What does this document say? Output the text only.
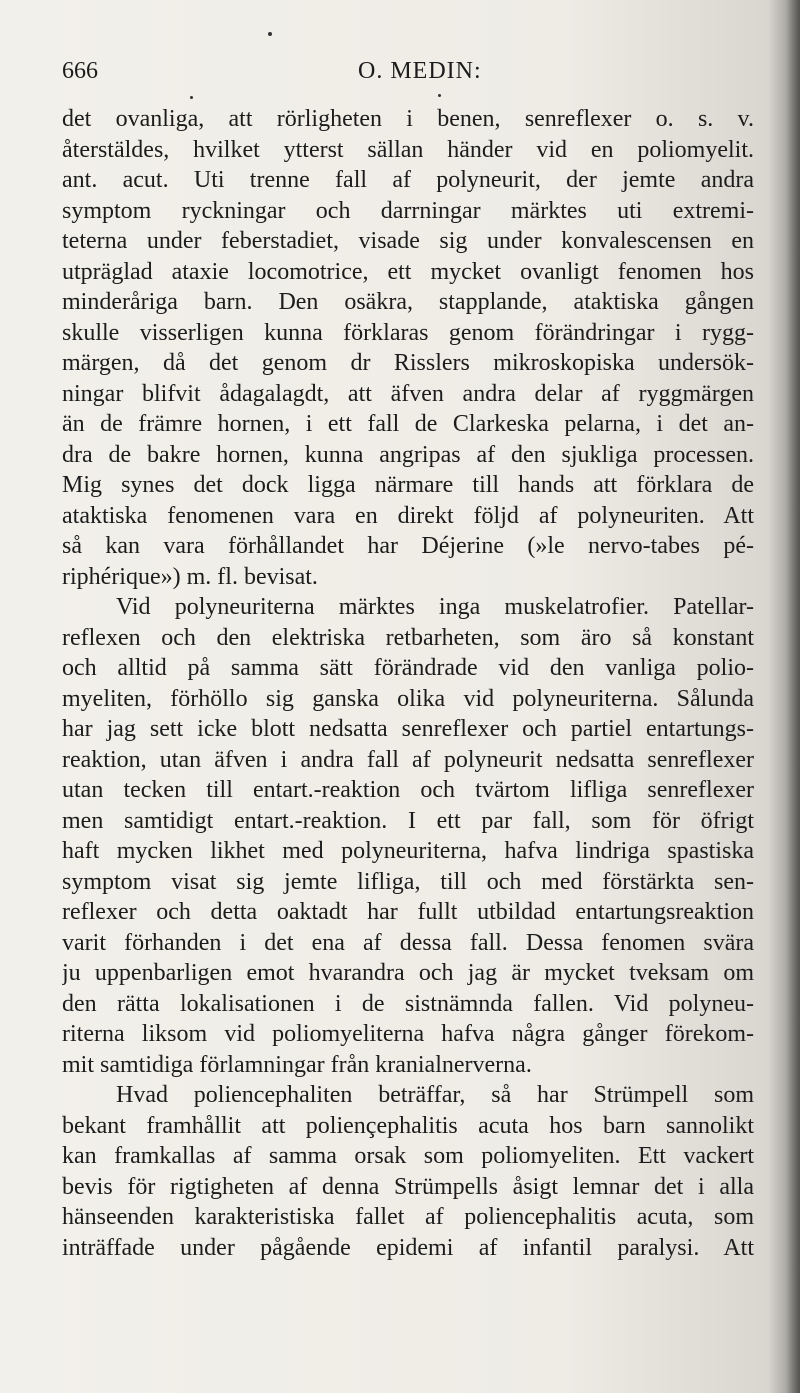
666	O. MEDIN:
det ovanliga, att rörligheten i benen, senreflexer o. s. v.
återstäldes, hvilket ytterst sällan händer vid en poliomyelit.
ant. acut. Uti trenne fall af polyneurit, der jemte andra
symptom ryckningar och darrningar märktes uti extremi-
teterna under feberstadiet, visade sig under konvalescensen en
utpräglad ataxie locomotrice, ett mycket ovanligt fenomen hos
minderåriga barn. Den osäkra, stapplande, ataktiska gången
skulle visserligen kunna förklaras genom förändringar i rygg-
märgen, då det genom dr Risslers mikroskopiska undersök-
ningar blifvit ådagalagdt, att äfven andra delar af ryggmärgen
än de främre hornen, i ett fall de Clarkeska pelarna, i det an-
dra de bakre hornen, kunna angripas af den sjukliga processen.
Mig synes det dock ligga närmare till hands att förklara de
ataktiska fenomenen vara en direkt följd af polyneuriten. Att
så kan vara förhållandet har Déjerine (»le nervo-tabes pé-
riphérique») m. fl. bevisat.
Vid polyneuriterna märktes inga muskelatrofier. Patellar-
reflexen och den elektriska retbarheten, som äro så konstant
och alltid på samma sätt förändrade vid den vanliga polio-
myeliten, förhöllo sig ganska olika vid polyneuriterna. Sålunda
har jag sett icke blott nedsatta senreflexer och partiel entartungs-
reaktion, utan äfven i andra fall af polyneurit nedsatta senreflexer
utan tecken till entart.-reaktion och tvärtom lifliga senreflexer
men samtidigt entart.-reaktion. I ett par fall, som för öfrigt
haft mycken likhet med polyneuriterna, hafva lindriga spastiska
symptom visat sig jemte lifliga, till och med förstärkta sen-
reflexer och detta oaktadt har fullt utbildad entartungsreaktion
varit förhanden i det ena af dessa fall. Dessa fenomen svära
ju uppenbarligen emot hvarandra och jag är mycket tveksam om
den rätta lokalisationen i de sistnämnda fallen. Vid polyneu-
riterna liksom vid poliomyeliterna hafva några gånger förekom-
mit samtidiga förlamningar från kranialnerverna.
Hvad poliencephaliten beträffar, så har Strümpell som
bekant framhållit att poliençephalitis acuta hos barn sannolikt
kan framkallas af samma orsak som poliomyeliten. Ett vackert
bevis för rigtigheten af denna Strümpells åsigt lemnar det i alla
hänseenden karakteristiska fallet af poliencephalitis acuta, som
inträffade under pågående epidemi af infantil paralysi. Att
